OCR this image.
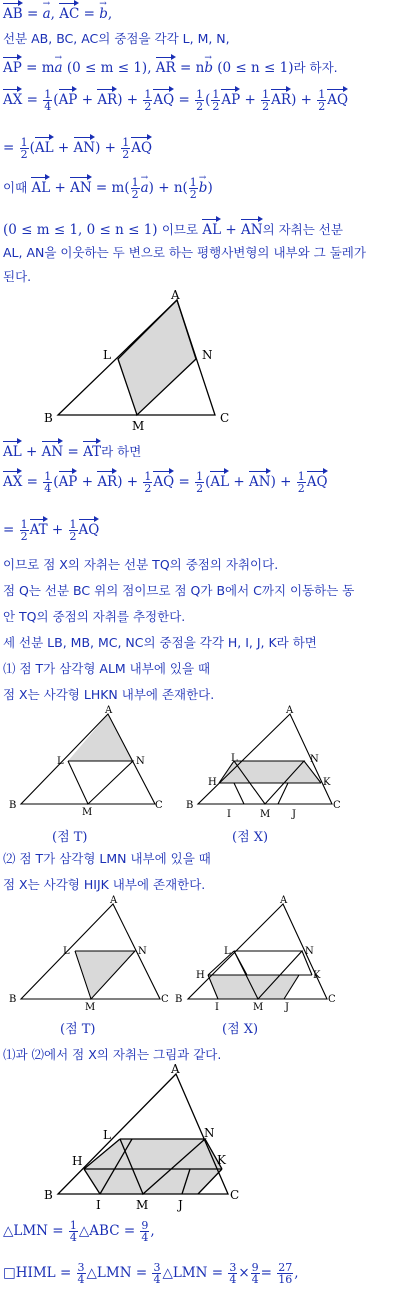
AB = a →, AC = b →,
선분 AB, BC, AC의 중점을 각각 L, M, N,
AP = ma → (0 ≤ m ≤ 1), AR = nb → (0 ≤ n ≤ 1)라 하자.
AX = $\frac{1}{4} (AP + AR) + \frac{1}{2}$ AQ = $\frac{1}{2}$ ( $\frac{1}{2}$ AP + $\frac{1}{2} AR) + \frac{1}{2}$ AQ
= $\frac{1}{2} (AL + AN) + \frac{1}{2}$ AQ
이때 AL + AN = $m( \frac{1}{2}$ a →) + $n( \frac{1}{2}$ b →)
(0 ≤ m ≤ 1, 0 ≤ n ≤ 1) 이므로 AL + AN의 자취는 선분
AL, AN을 이웃하는 두 변으로 하는 평행사변형의 내부와 그 둘레가
된다.
A
B	C
L	N
M
AL + AN = AT라 하면
AX = $\frac{1}{4} (AP + AR) + \frac{1}{2}$ AQ = $\frac{1}{2} (AL + AN) + \frac{1}{2}$ AQ
= $\frac{1}{2}$ AT + $\frac{1}{2}$ AQ
이므로 점 X의 자취는 선분 TQ의 중점의 자취이다.
점 Q는 선분 BC 위의 점이므로 점 Q가 B에서 C까지 이동하는 동
안 TQ의 중점의 자취를 추정한다.
세 선분 LB, MB, MC, NC의 중점을 각각 H, I, J, K라 하면
⑴ 점 T가 삼각형 ALM 내부에 있을 때
점 X는 사각형 LHKN 내부에 존재한다.
A
B	C
L	N
M
A
B	C
L	N
H	K
I	M J
(점 T)	(점 X)
⑵ 점 T가 삼각형 LMN 내부에 있을 때
점 X는 사각형 HIJK 내부에 존재한다.
A
B	C
L	N
M
A
B	C
L	N
H	K
I	M J
(점 T)	(점 X)
⑴과 ⑵에서 점 X의 자취는 그림과 같다.
A
B	C
L	N
H	K
I	M J
△LMN = $\frac{1}{4}$ △ABC = $\frac{9}{4}$ ,
□HIML = $\frac{3}{4}$ △LMN = $\frac{3}{4}$ △LMN = $\frac{3}{4} \times \frac{9}{4} = \frac{27}{16}$ ,
